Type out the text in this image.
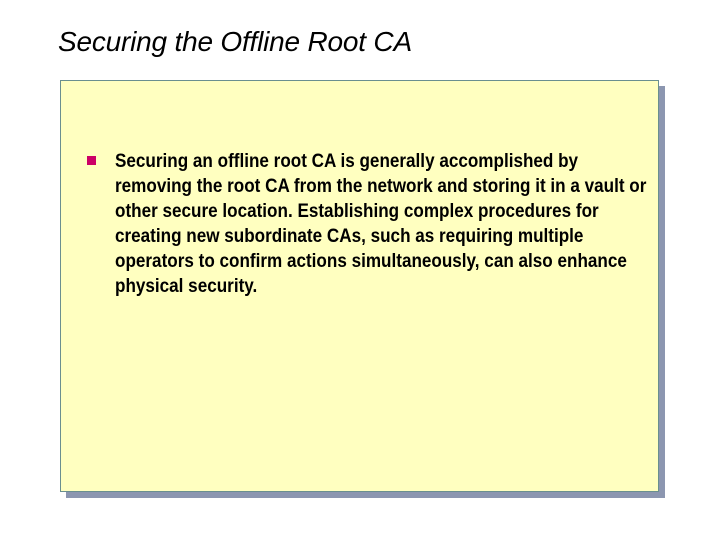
Securing the Offline Root CA
Securing an offline root CA is generally accomplished by removing the root CA from the network and storing it in a vault or other secure location. Establishing complex procedures for creating new subordinate CAs, such as requiring multiple operators to confirm actions simultaneously, can also enhance physical security.
